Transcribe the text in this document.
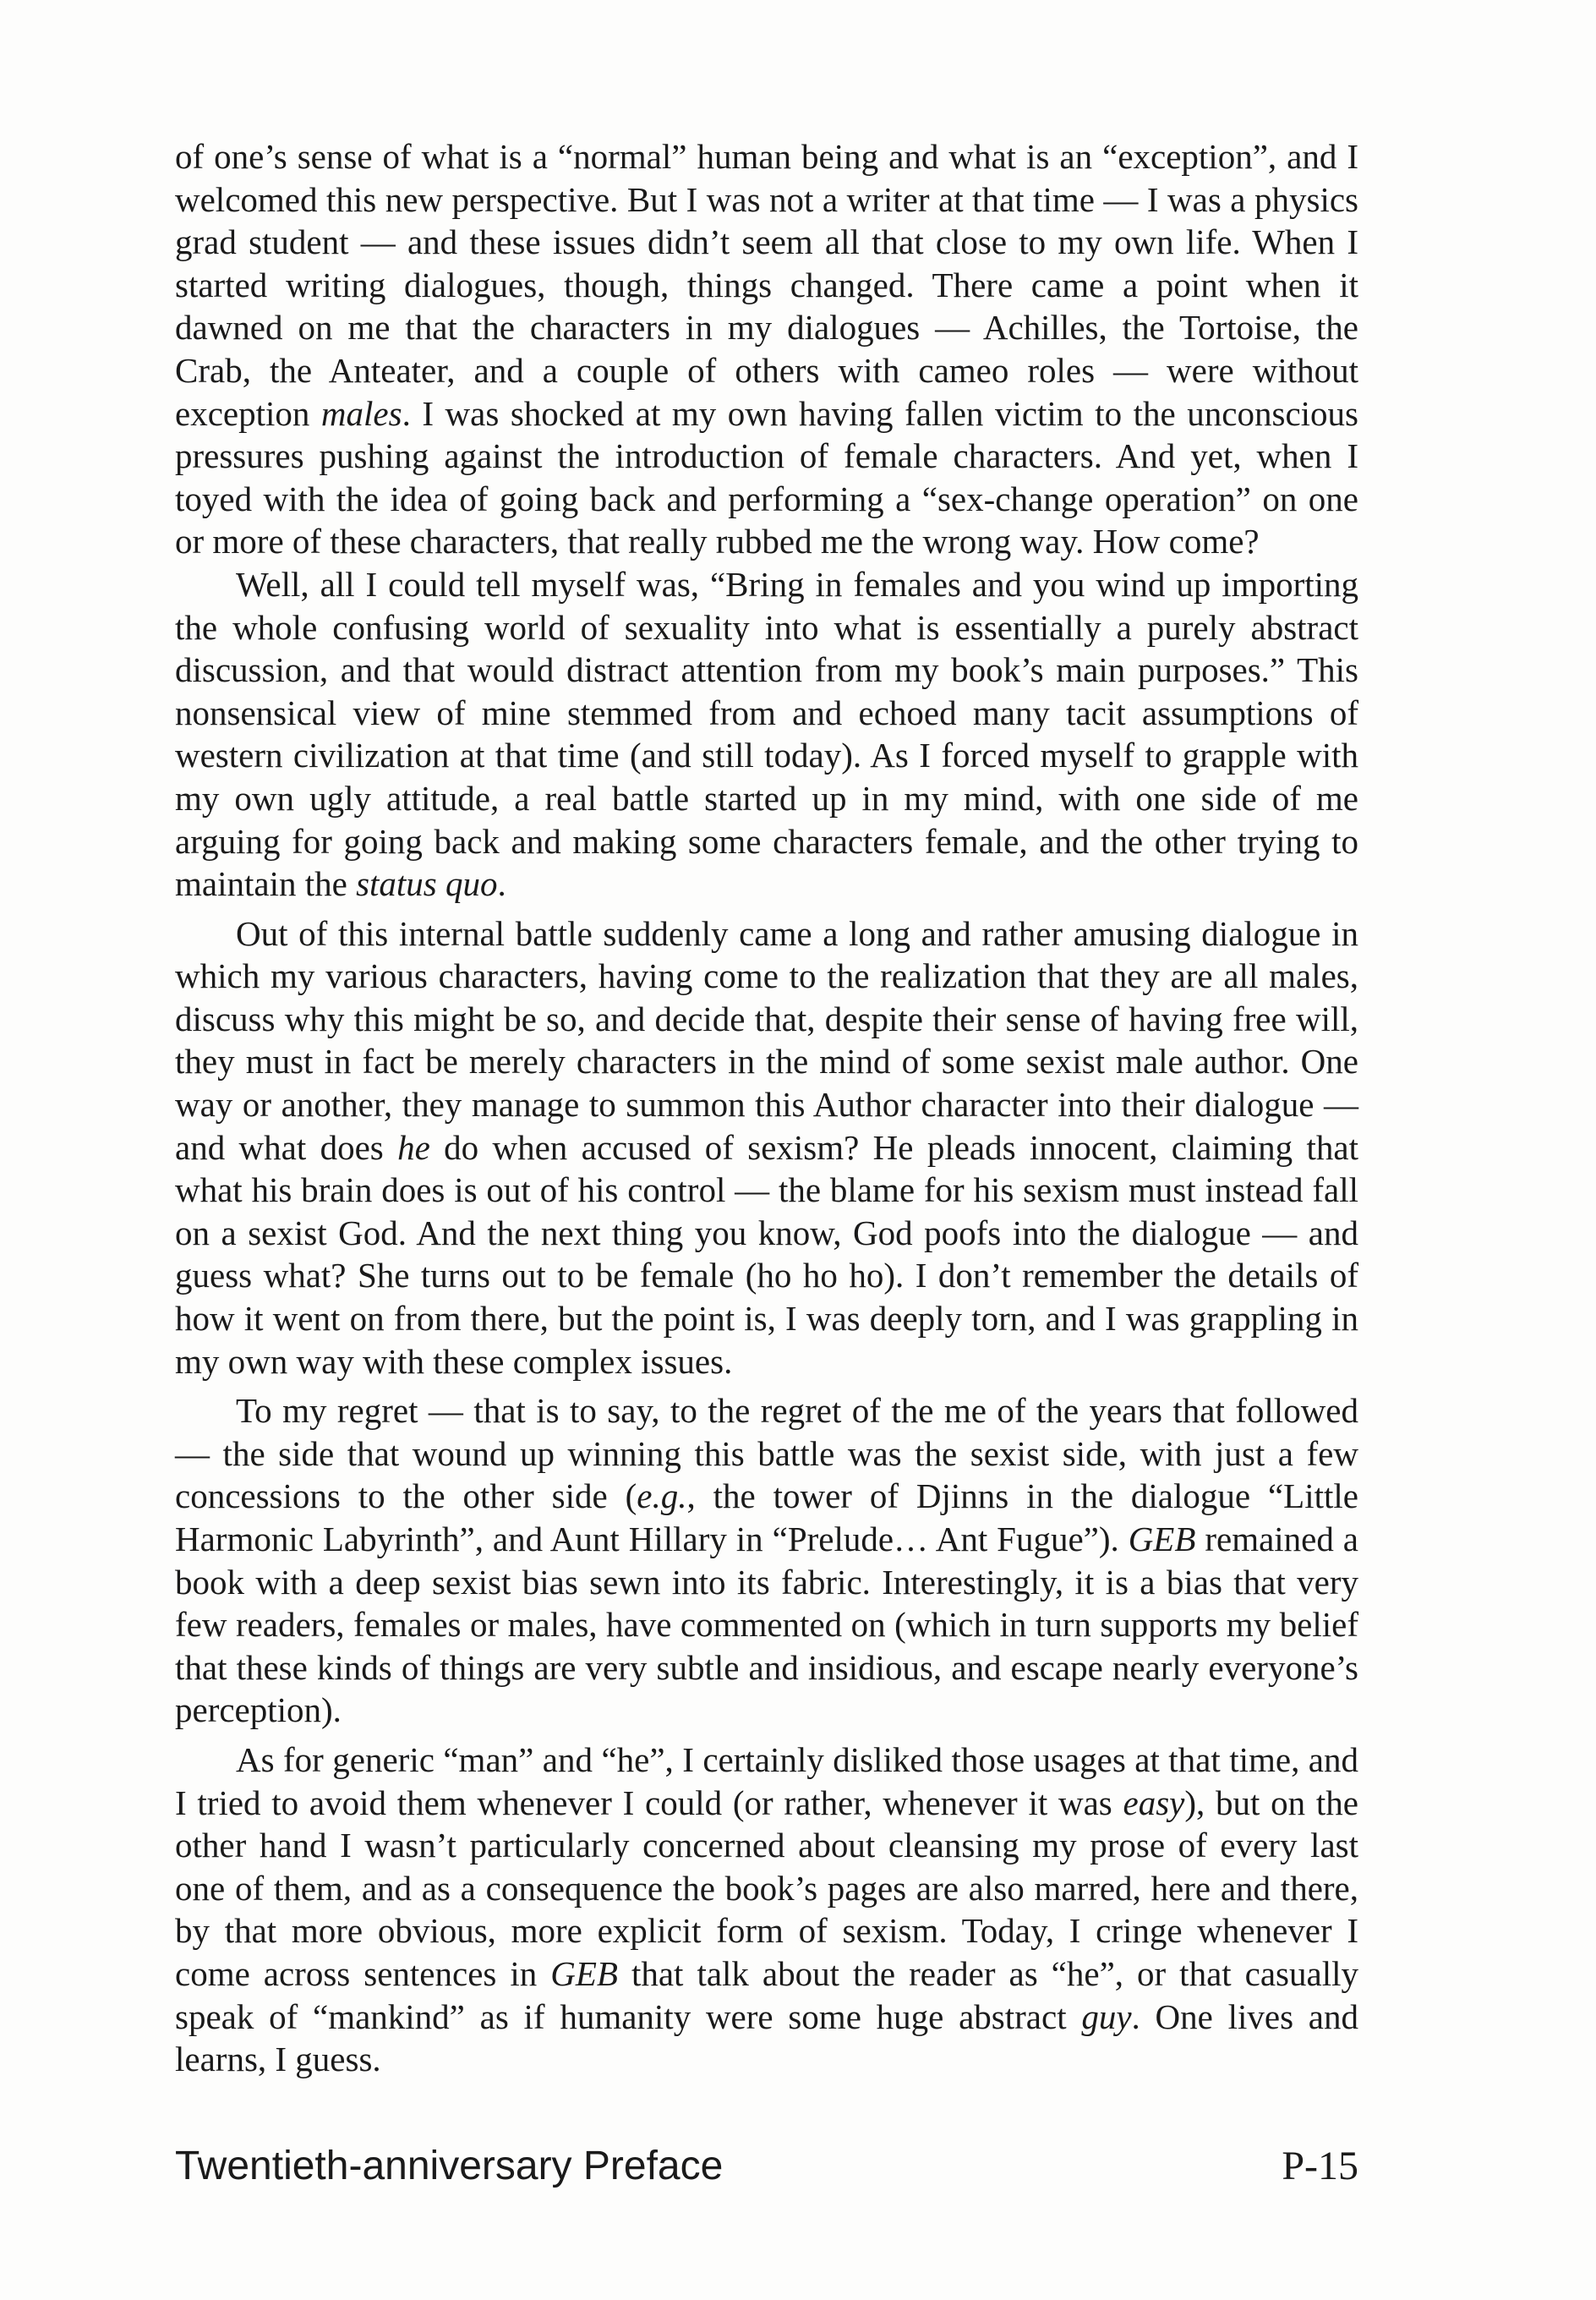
of one’s sense of what is a “normal” human being and what is an “exception”, and I welcomed this new perspective. But I was not a writer at that time — I was a physics grad student — and these issues didn’t seem all that close to my own life. When I started writing dialogues, though, things changed. There came a point when it dawned on me that the characters in my dialogues — Achilles, the Tortoise, the Crab, the Anteater, and a couple of others with cameo roles — were without exception males. I was shocked at my own having fallen victim to the unconscious pressures pushing against the introduction of female characters. And yet, when I toyed with the idea of going back and performing a “sex-change operation” on one or more of these characters, that really rubbed me the wrong way. How come?

Well, all I could tell myself was, “Bring in females and you wind up importing the whole confusing world of sexuality into what is essentially a purely abstract discussion, and that would distract attention from my book’s main purposes.” This nonsensical view of mine stemmed from and echoed many tacit assumptions of western civilization at that time (and still today). As I forced myself to grapple with my own ugly attitude, a real battle started up in my mind, with one side of me arguing for going back and making some characters female, and the other trying to maintain the status quo.

Out of this internal battle suddenly came a long and rather amusing dialogue in which my various characters, having come to the realization that they are all males, discuss why this might be so, and decide that, despite their sense of having free will, they must in fact be merely characters in the mind of some sexist male author. One way or another, they manage to summon this Author character into their dialogue — and what does he do when accused of sexism? He pleads innocent, claiming that what his brain does is out of his control — the blame for his sexism must instead fall on a sexist God. And the next thing you know, God poofs into the dialogue — and guess what? She turns out to be female (ho ho ho). I don’t remember the details of how it went on from there, but the point is, I was deeply torn, and I was grappling in my own way with these complex issues.

To my regret — that is to say, to the regret of the me of the years that followed — the side that wound up winning this battle was the sexist side, with just a few concessions to the other side (e.g., the tower of Djinns in the dialogue “Little Harmonic Labyrinth”, and Aunt Hillary in “Prelude… Ant Fugue”). GEB remained a book with a deep sexist bias sewn into its fabric. Interestingly, it is a bias that very few readers, females or males, have commented on (which in turn supports my belief that these kinds of things are very subtle and insidious, and escape nearly everyone’s perception).

As for generic “man” and “he”, I certainly disliked those usages at that time, and I tried to avoid them whenever I could (or rather, whenever it was easy), but on the other hand I wasn’t particularly concerned about cleansing my prose of every last one of them, and as a consequence the book’s pages are also marred, here and there, by that more obvious, more explicit form of sexism. Today, I cringe whenever I come across sentences in GEB that talk about the reader as “he”, or that casually speak of “mankind” as if humanity were some huge abstract guy. One lives and learns, I guess.

Twentieth-anniversary Preface	P-15
